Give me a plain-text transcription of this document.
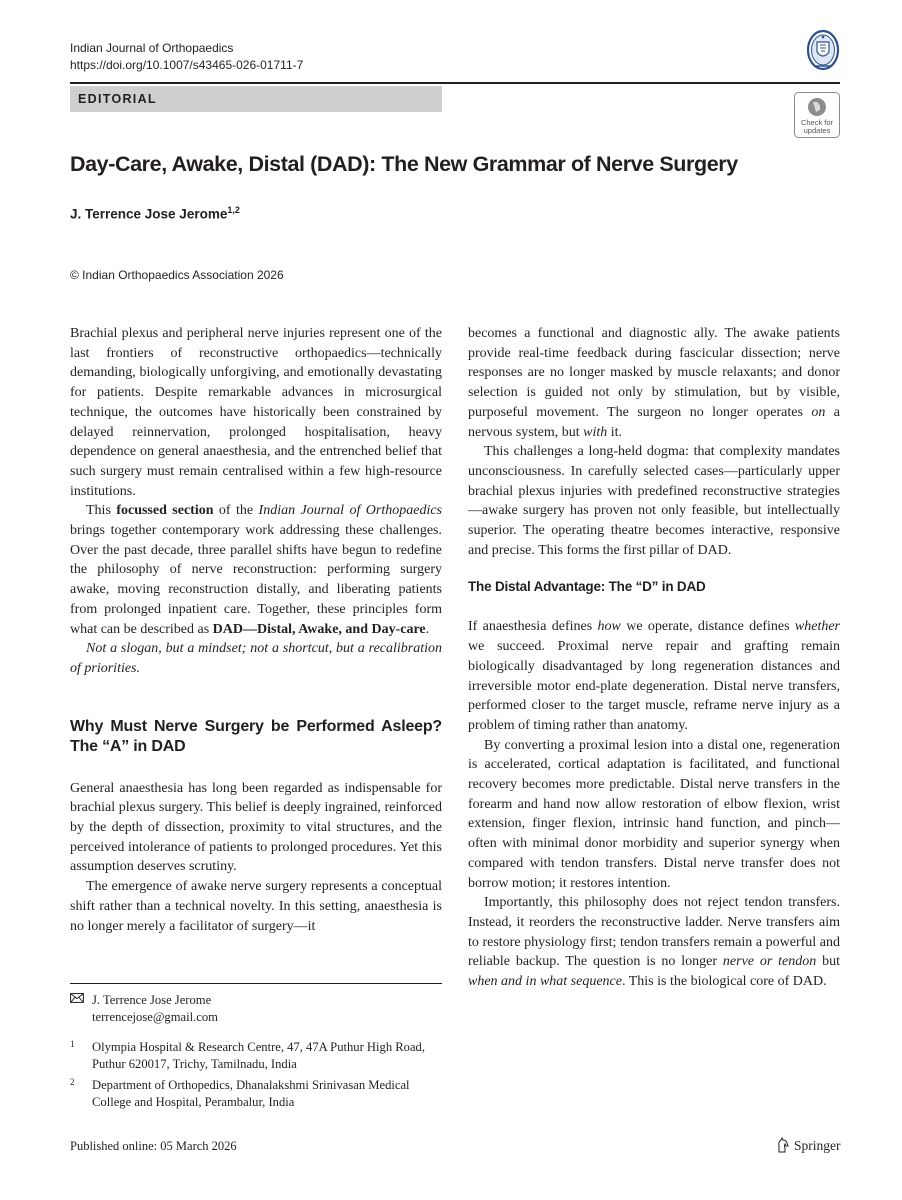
Indian Journal of Orthopaedics
https://doi.org/10.1007/s43465-026-01711-7
EDITORIAL
Check for
updates
Day-Care, Awake, Distal (DAD): The New Grammar of Nerve Surgery
J. Terrence Jose Jerome$^{1,2}$
© Indian Orthopaedics Association 2026

Brachial plexus and peripheral nerve injuries represent one of the last frontiers of reconstructive orthopaedics—technically demanding, biologically unforgiving, and emotionally devastating for patients. Despite remarkable advances in microsurgical technique, the outcomes have historically been constrained by delayed reinnervation, prolonged hospitalisation, heavy dependence on general anaesthesia, and the entrenched belief that such surgery must remain centralised within a few high-resource institutions.

This focussed section of the Indian Journal of Orthopaedics brings together contemporary work addressing these challenges. Over the past decade, three parallel shifts have begun to redefine the philosophy of nerve reconstruction: performing surgery awake, moving reconstruction distally, and liberating patients from prolonged inpatient care. Together, these principles form what can be described as DAD—Distal, Awake, and Day-care.

Not a slogan, but a mindset; not a shortcut, but a recalibration of priorities.

Why Must Nerve Surgery be Performed Asleep? The “A” in DAD

General anaesthesia has long been regarded as indispensable for brachial plexus surgery. This belief is deeply ingrained, reinforced by the depth of dissection, proximity to vital structures, and the perceived intolerance of patients to prolonged procedures. Yet this assumption deserves scrutiny.

The emergence of awake nerve surgery represents a conceptual shift rather than a technical novelty. In this setting, anaesthesia is no longer merely a facilitator of surgery—it

becomes a functional and diagnostic ally. The awake patients provide real-time feedback during fascicular dissection; nerve responses are no longer masked by muscle relaxants; and donor selection is guided not only by stimulation, but by visible, purposeful movement. The surgeon no longer operates on a nervous system, but with it.

This challenges a long-held dogma: that complexity mandates unconsciousness. In carefully selected cases—particularly upper brachial plexus injuries with predefined reconstructive strategies—awake surgery has proven not only feasible, but intellectually superior. The operating theatre becomes interactive, responsive and precise. This forms the first pillar of DAD.

The Distal Advantage: The “D” in DAD

If anaesthesia defines how we operate, distance defines whether we succeed. Proximal nerve repair and grafting remain biologically disadvantaged by long regeneration distances and irreversible motor end-plate degeneration. Distal nerve transfers, performed closer to the target muscle, reframe nerve injury as a problem of timing rather than anatomy.

By converting a proximal lesion into a distal one, regeneration is accelerated, cortical adaptation is facilitated, and functional recovery becomes more predictable. Distal nerve transfers in the forearm and hand now allow restoration of elbow flexion, wrist extension, finger flexion, intrinsic hand function, and pinch—often with minimal donor morbidity and superior synergy when compared with tendon transfers. Distal nerve transfer does not borrow motion; it restores intention.

Importantly, this philosophy does not reject tendon transfers. Instead, it reorders the reconstructive ladder. Nerve transfers aim to restore physiology first; tendon transfers remain a powerful and reliable backup. The question is no longer nerve or tendon but when and in what sequence. This is the biological core of DAD.

J. Terrence Jose Jerome
terrencejose@gmail.com
1 Olympia Hospital & Research Centre, 47, 47A Puthur High Road, Puthur 620017, Trichy, Tamilnadu, India
2 Department of Orthopedics, Dhanalakshmi Srinivasan Medical College and Hospital, Perambalur, India
Published online: 05 March 2026	Springer
